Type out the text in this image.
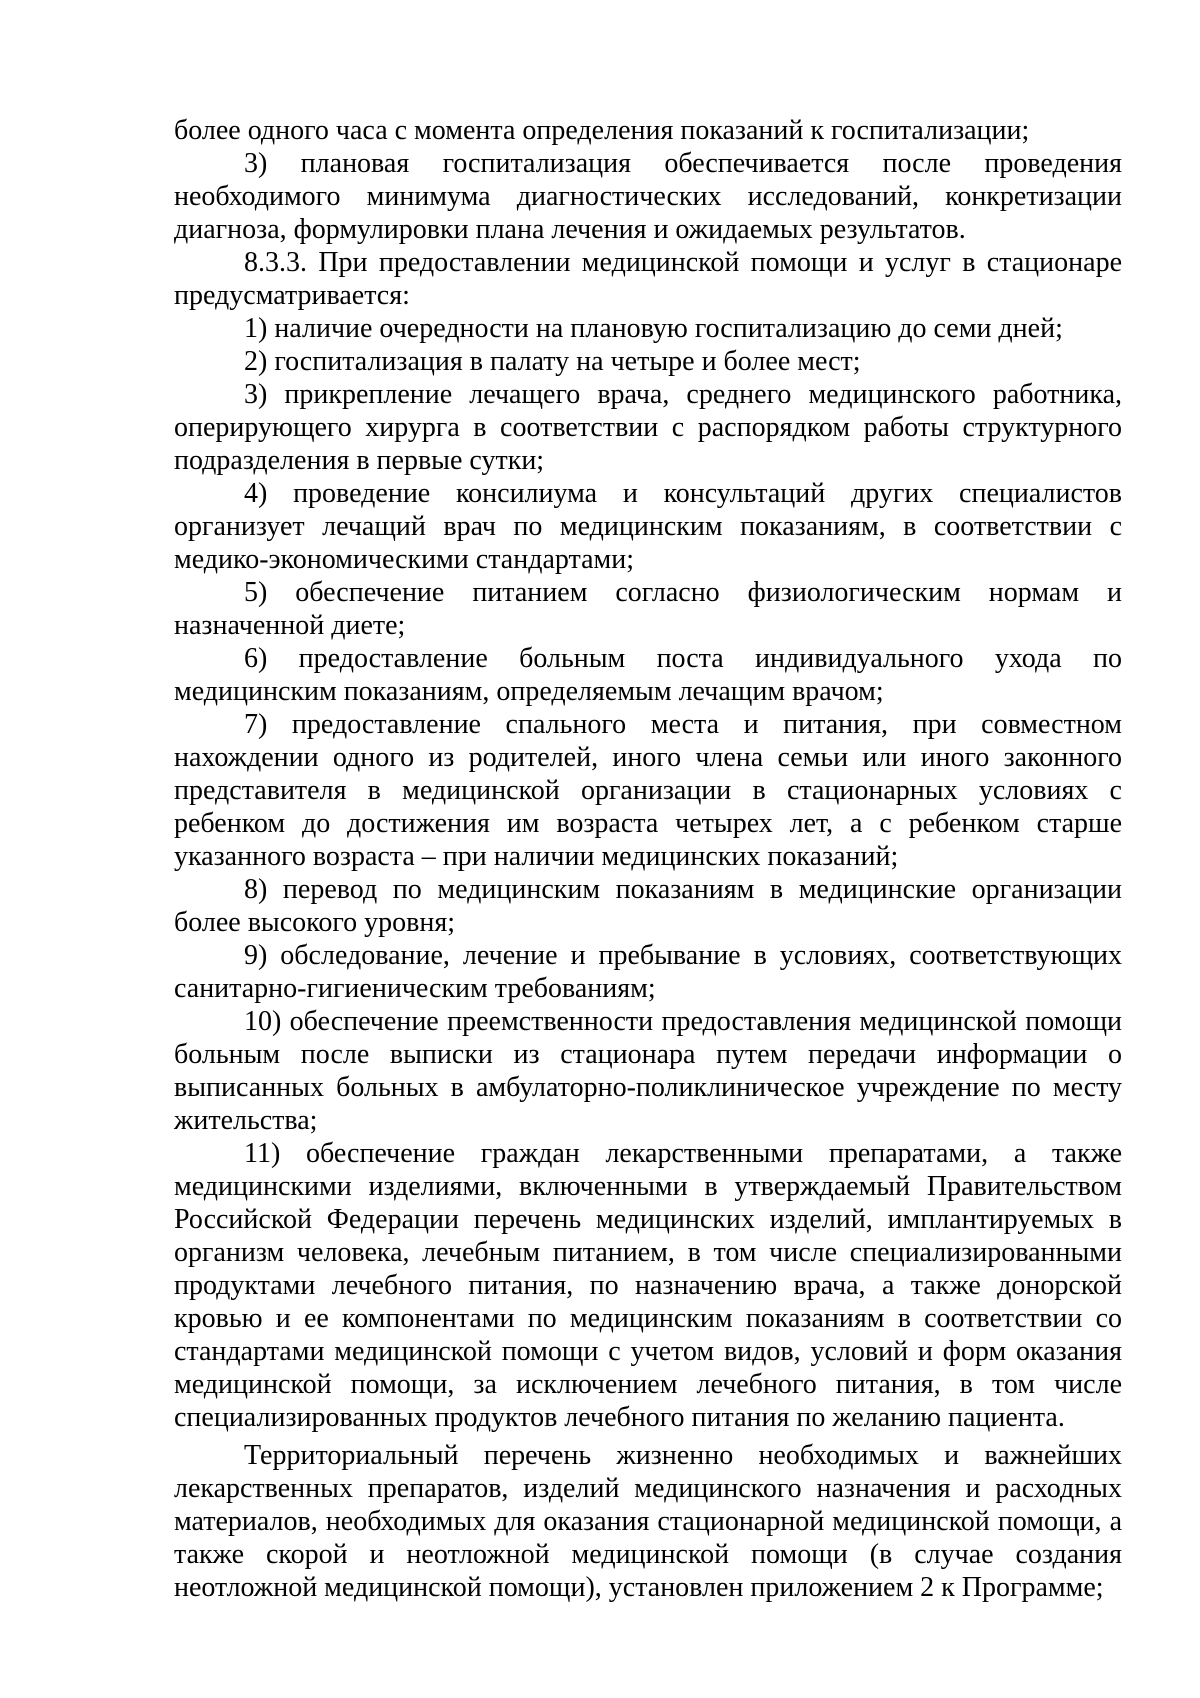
более одного часа с момента определения показаний к госпитализации;

3) плановая госпитализация обеспечивается после проведения необходимого минимума диагностических исследований, конкретизации диагноза, формулировки плана лечения и ожидаемых результатов.

8.3.3. При предоставлении медицинской помощи и услуг в стационаре предусматривается:

1) наличие очередности на плановую госпитализацию до семи дней;

2) госпитализация в палату на четыре и более мест;

3) прикрепление лечащего врача, среднего медицинского работника, оперирующего хирурга в соответствии с распорядком работы структурного подразделения в первые сутки;

4) проведение консилиума и консультаций других специалистов организует лечащий врач по медицинским показаниям, в соответствии с медико-экономическими стандартами;

5) обеспечение питанием согласно физиологическим нормам и назначенной диете;

6) предоставление больным поста индивидуального ухода по медицинским показаниям, определяемым лечащим врачом;

7) предоставление спального места и питания, при совместном нахождении одного из родителей, иного члена семьи или иного законного представителя в медицинской организации в стационарных условиях с ребенком до достижения им возраста четырех лет, а с ребенком старше указанного возраста – при наличии медицинских показаний;

8) перевод по медицинским показаниям в медицинские организации более высокого уровня;

9) обследование, лечение и пребывание в условиях, соответствующих санитарно-гигиеническим требованиям;

10) обеспечение преемственности предоставления медицинской помощи больным после выписки из стационара путем передачи информации о выписанных больных в амбулаторно-поликлиническое учреждение по месту жительства;

11) обеспечение граждан лекарственными препаратами, а также медицинскими изделиями, включенными в утверждаемый Правительством Российской Федерации перечень медицинских изделий, имплантируемых в организм человека, лечебным питанием, в том числе специализированными продуктами лечебного питания, по назначению врача, а также донорской кровью и ее компонентами по медицинским показаниям в соответствии со стандартами медицинской помощи с учетом видов, условий и форм оказания медицинской помощи, за исключением лечебного питания, в том числе специализированных продуктов лечебного питания по желанию пациента.

Территориальный перечень жизненно необходимых и важнейших лекарственных препаратов, изделий медицинского назначения и расходных материалов, необходимых для оказания стационарной медицинской помощи, а также скорой и неотложной медицинской помощи (в случае создания неотложной медицинской помощи), установлен приложением 2 к Программе;
